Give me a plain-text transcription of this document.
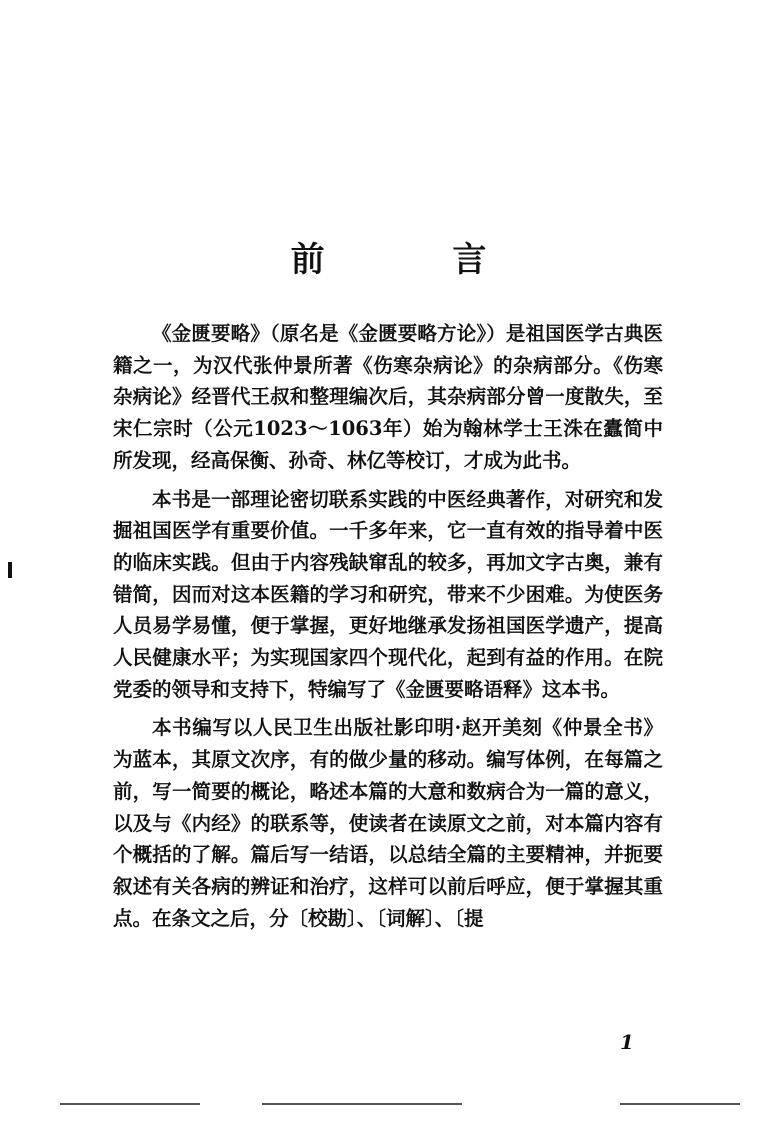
前 言

《金匮要略》（原名是《金匮要略方论》）是祖国医学古典医籍之一，为汉代张仲景所著《伤寒杂病论》的杂病部分。《伤寒杂病论》经晋代王叔和整理编次后，其杂病部分曾一度散失，至宋仁宗时（公元1023～1063年）始为翰林学士王洙在蠹简中所发现，经高保衡、孙奇、林亿等校订，才成为此书。

本书是一部理论密切联系实践的中医经典著作，对研究和发掘祖国医学有重要价值。一千多年来，它一直有效的指导着中医的临床实践。但由于内容残缺窜乱的较多，再加文字古奥，兼有错简，因而对这本医籍的学习和研究，带来不少困难。为使医务人员易学易懂，便于掌握，更好地继承发扬祖国医学遗产，提高人民健康水平；为实现国家四个现代化，起到有益的作用。在院党委的领导和支持下，特编写了《金匮要略语释》这本书。

本书编写以人民卫生出版社影印明·赵开美刻《仲景全书》为蓝本，其原文次序，有的做少量的移动。编写体例，在每篇之前，写一简要的概论，略述本篇的大意和数病合为一篇的意义，以及与《内经》的联系等，使读者在读原文之前，对本篇内容有个概括的了解。篇后写一结语，以总结全篇的主要精神，并扼要叙述有关各病的辨证和治疗，这样可以前后呼应，便于掌握其重点。在条文之后，分〔校勘〕、〔词解〕、〔提

1
